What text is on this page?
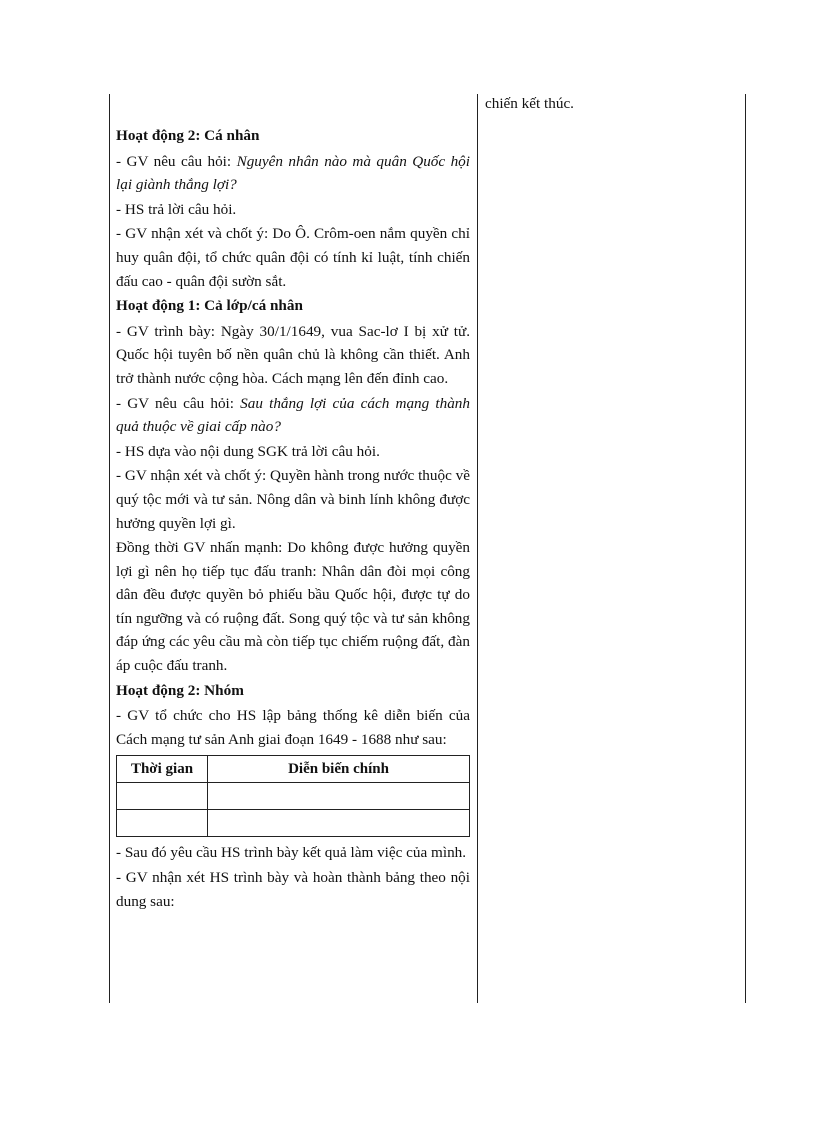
chiến kết thúc.

Hoạt động 2: Cá nhân

- GV nêu câu hỏi: Nguyên nhân nào mà quân Quốc hội lại giành thắng lợi?

- HS trả lời câu hỏi.

- GV nhận xét và chốt ý: Do Ô. Crôm-oen nắm quyền chỉ huy quân đội, tổ chức quân đội có tính kỉ luật, tính chiến đấu cao - quân đội sườn sắt.

Hoạt động 1: Cả lớp/cá nhân

- GV trình bày: Ngày 30/1/1649, vua Sac-lơ I bị xử tử. Quốc hội tuyên bố nền quân chủ là không cần thiết. Anh trở thành nước cộng hòa. Cách mạng lên đến đỉnh cao.

- GV nêu câu hỏi: Sau thắng lợi của cách mạng thành quả thuộc về giai cấp nào?

- HS dựa vào nội dung SGK trả lời câu hỏi.

- GV nhận xét và chốt ý: Quyền hành trong nước thuộc về quý tộc mới và tư sản. Nông dân và binh lính không được hưởng quyền lợi gì.

Đồng thời GV nhấn mạnh: Do không được hưởng quyền lợi gì nên họ tiếp tục đấu tranh: Nhân dân đòi mọi công dân đều được quyền bỏ phiếu bầu Quốc hội, được tự do tín ngưỡng và có ruộng đất. Song quý tộc và tư sản không đáp ứng các yêu cầu mà còn tiếp tục chiếm ruộng đất, đàn áp cuộc đấu tranh.

Hoạt động 2: Nhóm

- GV tổ chức cho HS lập bảng thống kê diễn biến của Cách mạng tư sản Anh giai đoạn 1649 - 1688 như sau:

Thời gian	Diễn biến chính

- Sau đó yêu cầu HS trình bày kết quả làm việc của mình.

- GV nhận xét HS trình bày và hoàn thành bảng theo nội dung sau:
